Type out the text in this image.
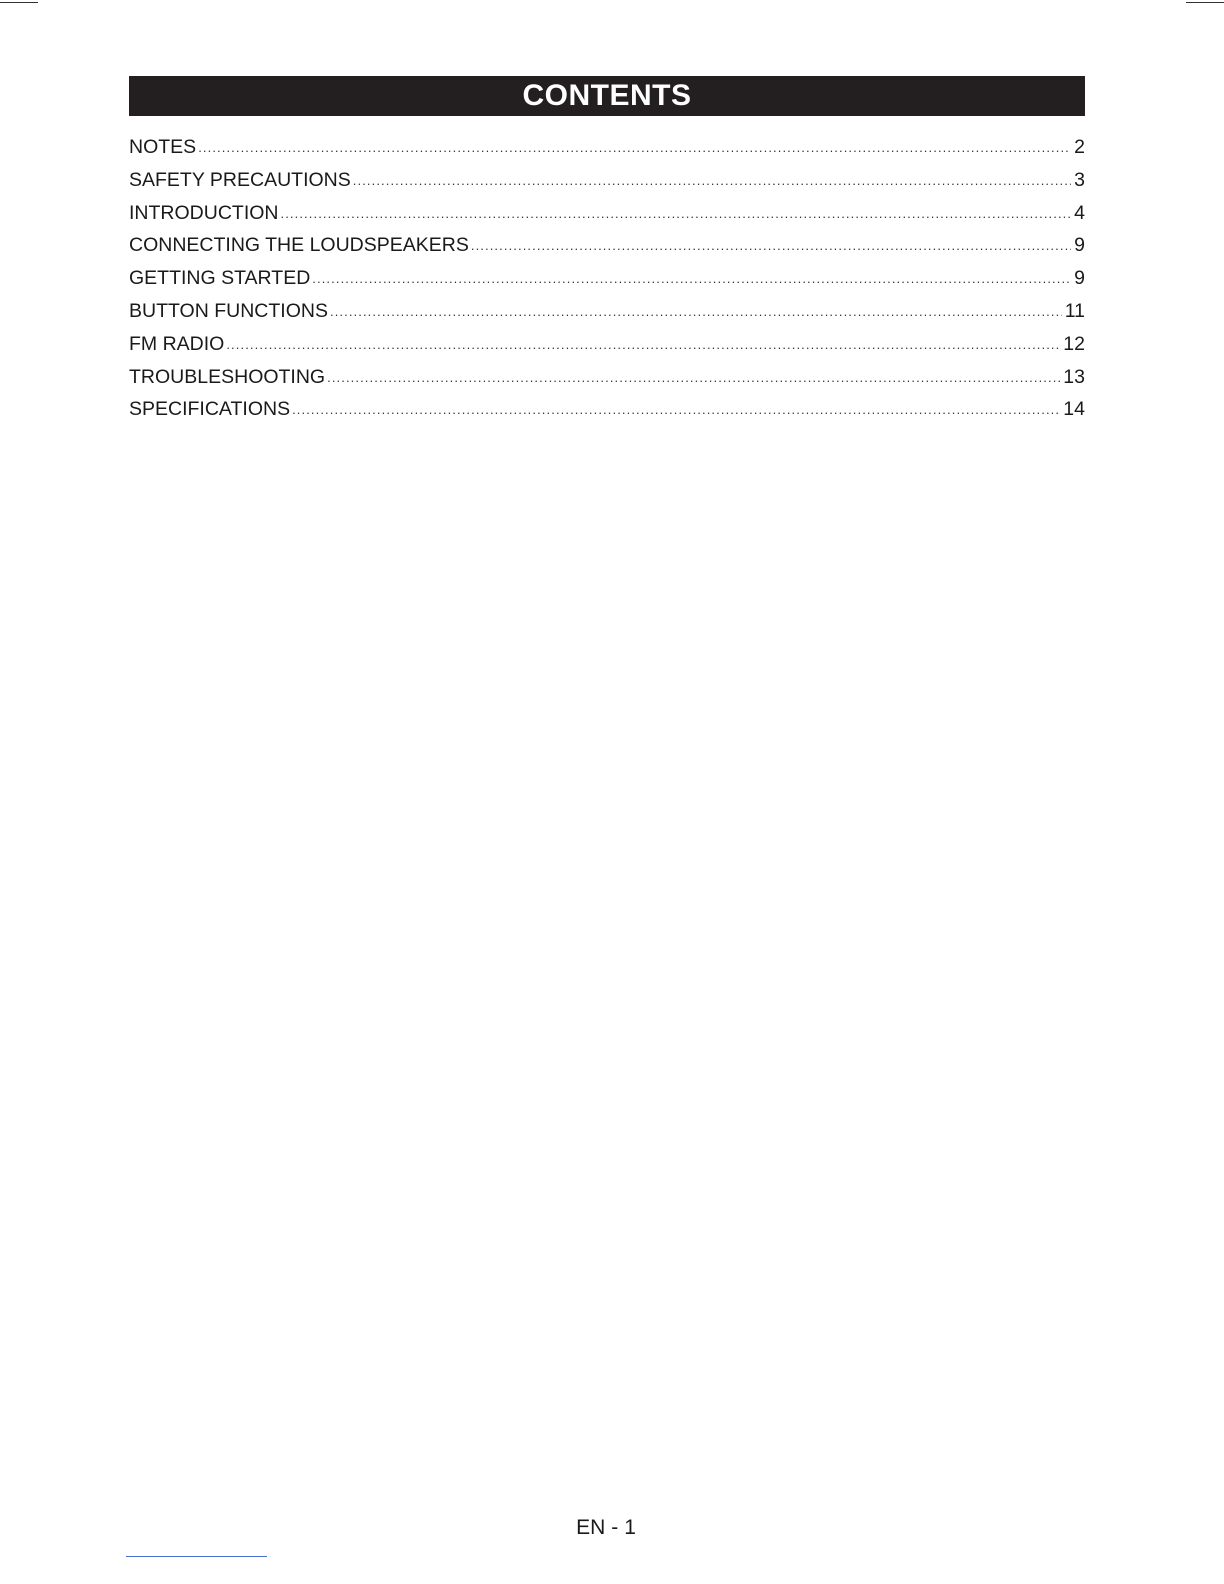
CONTENTS
NOTES .....	2
SAFETY PRECAUTIONS .....	3
INTRODUCTION .....	4
CONNECTING THE LOUDSPEAKERS .....	9
GETTING STARTED .....	9
BUTTON FUNCTIONS .....	11
FM RADIO .....	12
TROUBLESHOOTING .....	13
SPECIFICATIONS .....	14
EN - 1
